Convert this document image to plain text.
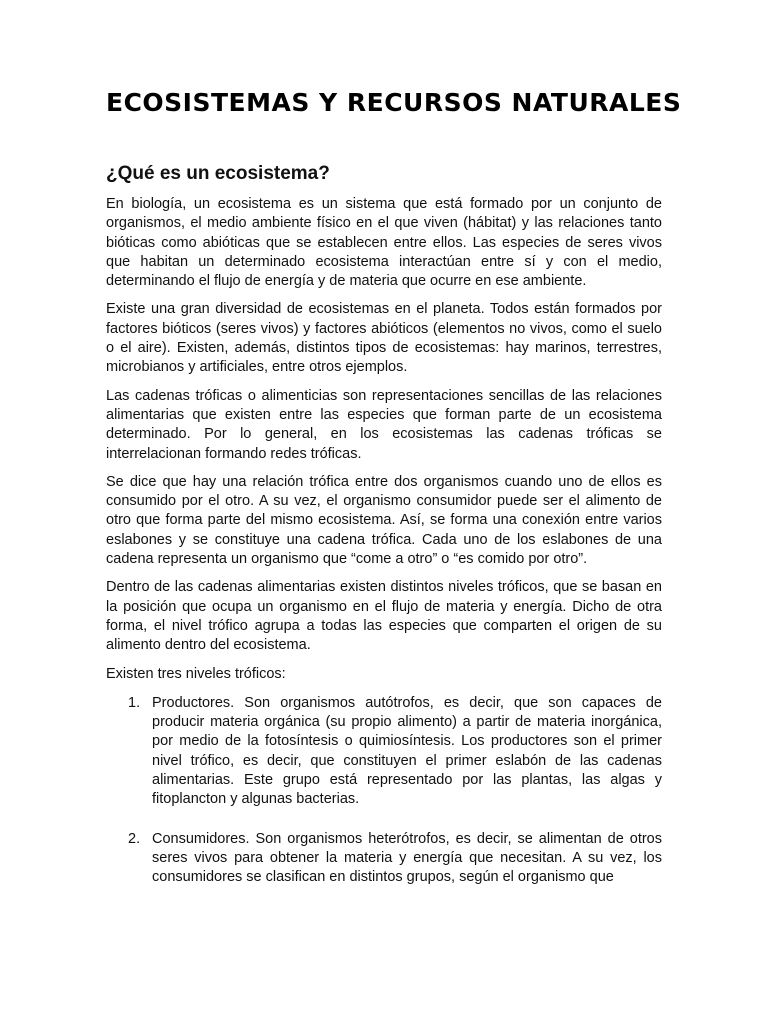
ECOSISTEMAS Y RECURSOS NATURALES
¿Qué es un ecosistema?

En biología, un ecosistema es un sistema que está formado por un conjunto de organismos, el medio ambiente físico en el que viven (hábitat) y las relaciones tanto bióticas como abióticas que se establecen entre ellos. Las especies de seres vivos que habitan un determinado ecosistema interactúan entre sí y con el medio, determinando el flujo de energía y de materia que ocurre en ese ambiente.

Existe una gran diversidad de ecosistemas en el planeta. Todos están formados por factores bióticos (seres vivos) y factores abióticos (elementos no vivos, como el suelo o el aire). Existen, además, distintos tipos de ecosistemas: hay marinos, terrestres, microbianos y artificiales, entre otros ejemplos.

Las cadenas tróficas o alimenticias son representaciones sencillas de las relaciones alimentarias que existen entre las especies que forman parte de un ecosistema determinado. Por lo general, en los ecosistemas las cadenas tróficas se interrelacionan formando redes tróficas.

Se dice que hay una relación trófica entre dos organismos cuando uno de ellos es consumido por el otro. A su vez, el organismo consumidor puede ser el alimento de otro que forma parte del mismo ecosistema. Así, se forma una conexión entre varios eslabones y se constituye una cadena trófica. Cada uno de los eslabones de una cadena representa un organismo que “come a otro” o “es comido por otro”.

Dentro de las cadenas alimentarias existen distintos niveles tróficos, que se basan en la posición que ocupa un organismo en el flujo de materia y energía. Dicho de otra forma, el nivel trófico agrupa a todas las especies que comparten el origen de su alimento dentro del ecosistema.

Existen tres niveles tróficos:

1. Productores. Son organismos autótrofos, es decir, que son capaces de producir materia orgánica (su propio alimento) a partir de materia inorgánica, por medio de la fotosíntesis o quimiosíntesis. Los productores son el primer nivel trófico, es decir, que constituyen el primer eslabón de las cadenas alimentarias. Este grupo está representado por las plantas, las algas y fitoplancton y algunas bacterias.
2. Consumidores. Son organismos heterótrofos, es decir, se alimentan de otros seres vivos para obtener la materia y energía que necesitan. A su vez, los consumidores se clasifican en distintos grupos, según el organismo que
